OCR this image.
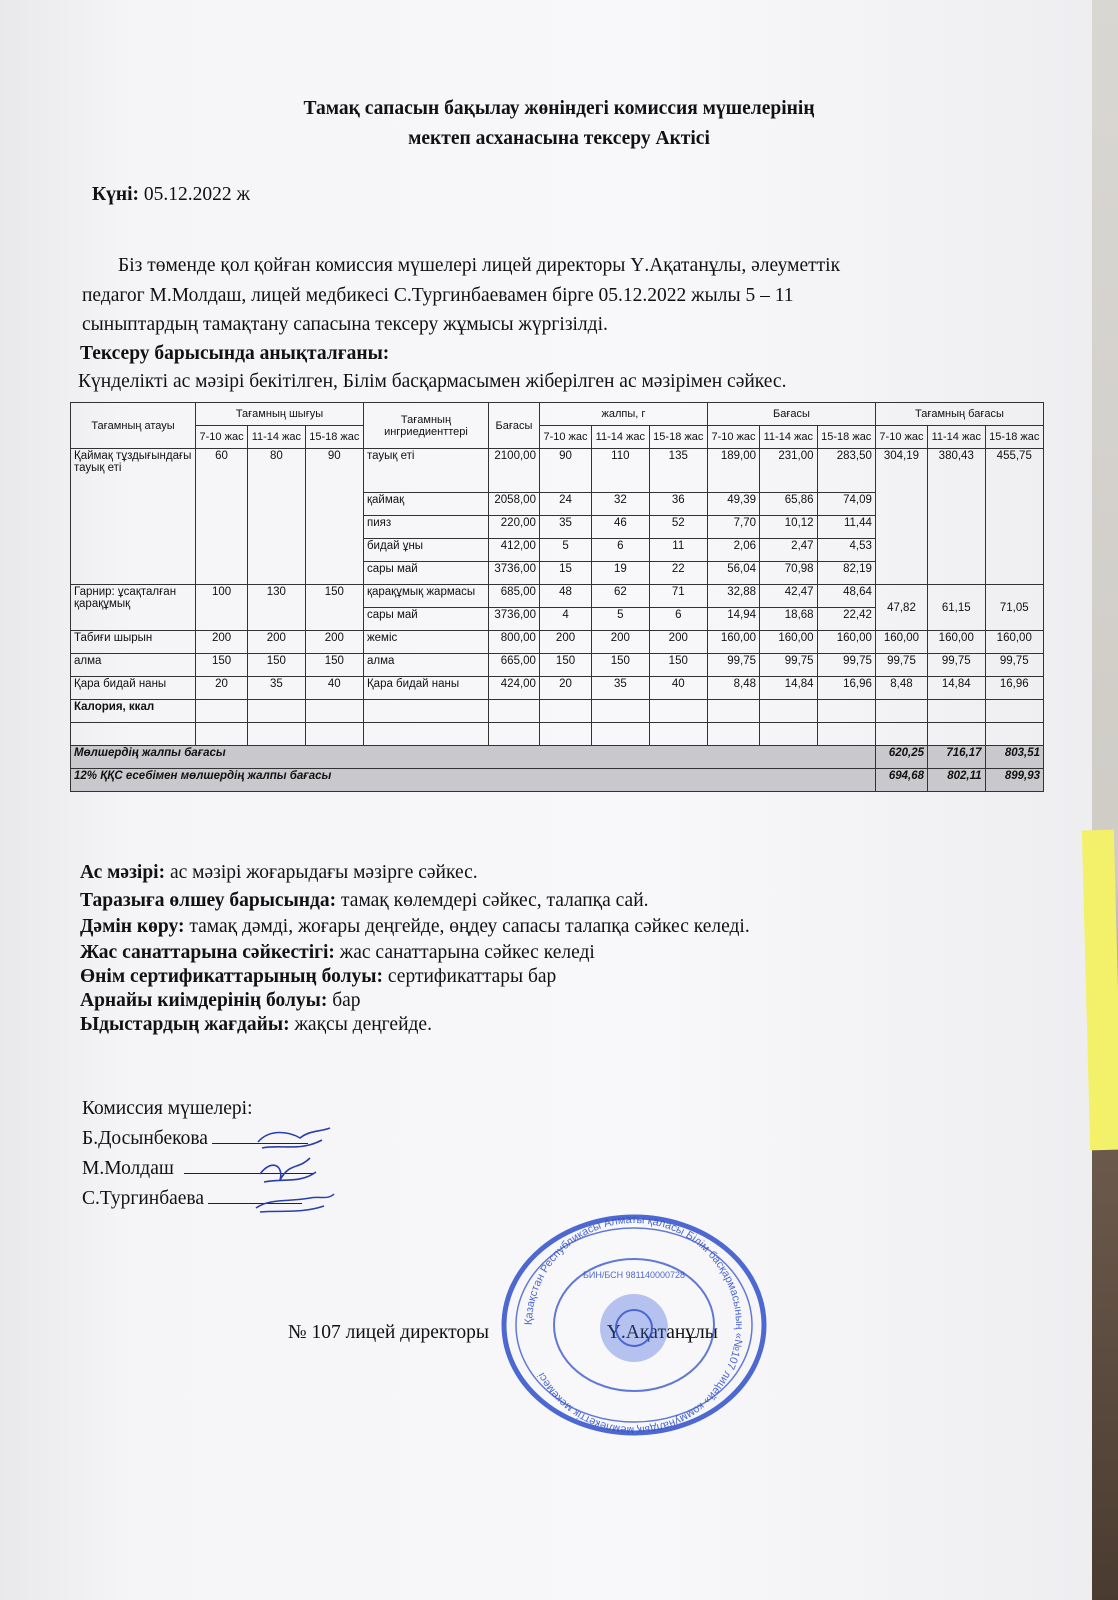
Тамақ сапасын бақылау жөніндегі комиссия мүшелерінің
мектеп асханасына тексеру Актісі
Күні: 05.12.2022 ж
Біз төменде қол қойған комиссия мүшелері лицей директоры Ү.Ақатанұлы, әлеуметтік
педагог М.Молдаш, лицей медбикесі С.Тургинбаевамен бірге 05.12.2022 жылы 5 – 11
сыныптардың тамақтану сапасына тексеру жұмысы жүргізілді.
Тексеру барысында анықталғаны:
Күнделікті ас мәзірі бекітілген, Білім басқармасымен жіберілген ас мәзірімен сәйкес.
Тағамның атауы	Тағамның шығуы			Тағамның ингриедиенттері	Бағасы	жалпы, г			Бағасы			Тағамның бағасы		
	7-10 жас	11-14 жас	15-18 жас			7-10 жас	11-14 жас	15-18 жас	7-10 жас	11-14 жас	15-18 жас	7-10 жас	11-14 жас	15-18 жас
Қаймақ тұздығындағы тауық еті	60	80	90	тауық еті	2100,00	90	110	135	189,00	231,00	283,50	304,19	380,43	455,75
				қаймақ	2058,00	24	32	36	49,39	65,86	74,09			
				пияз	220,00	35	46	52	7,70	10,12	11,44			
				бидай ұны	412,00	5	6	11	2,06	2,47	4,53			
				сары май	3736,00	15	19	22	56,04	70,98	82,19			
Гарнир: ұсақталған қарақұмық	100	130	150	қарақұмық жармасы	685,00	48	62	71	32,88	42,47	48,64	47,82	61,15	71,05
				сары май	3736,00	4	5	6	14,94	18,68	22,42			
Табиғи шырын	200	200	200	жеміс	800,00	200	200	200	160,00	160,00	160,00	160,00	160,00	160,00
алма	150	150	150	алма	665,00	150	150	150	99,75	99,75	99,75	99,75	99,75	99,75
Қара бидай наны	20	35	40	Қара бидай наны	424,00	20	35	40	8,48	14,84	16,96	8,48	14,84	16,96
Калория, ккал														

Мөлшердің жалпы бағасы												620,25	716,17	803,51
12% ҚҚС есебімен мөлшердің жалпы бағасы												694,68	802,11	899,93
Ас мәзірі: ас мәзірі жоғарыдағы мәзірге сәйкес.
Таразыға өлшеу барысында: тамақ көлемдері сәйкес, талапқа сай.
Дәмін көру: тамақ дәмді, жоғары деңгейде, өңдеу сапасы талапқа сәйкес келеді.
Жас санаттарына сәйкестігі: жас санаттарына сәйкес келеді
Өнім сертификаттарының болуы: сертификаттары бар
Арнайы киімдерінің болуы: бар
Ыдыстардың жағдайы: жақсы деңгейде.
Комиссия мүшелері:
Б.Досынбекова
М.Молдаш
С.Тургинбаева
№ 107 лицей директоры	Ү.Ақатанұлы
Қазақстан Республикасы Алматы қаласы Білім басқармасының «№107 лицей» коммуналдық мемлекеттік мекемесі
БИН/БСН 981140000728
